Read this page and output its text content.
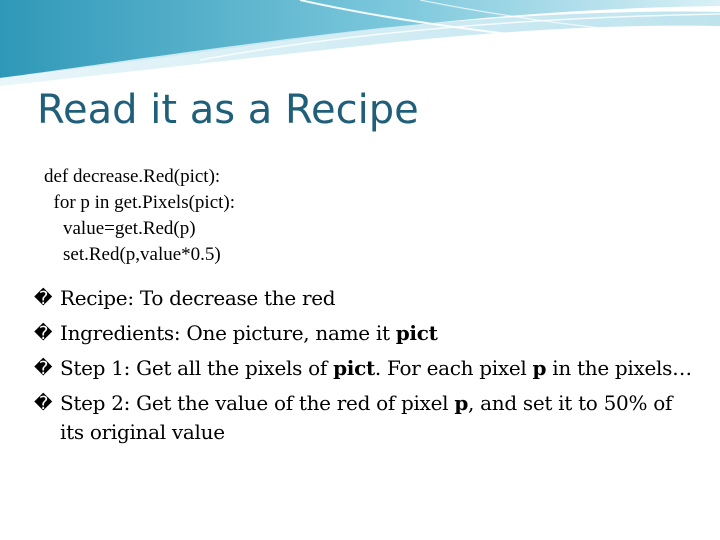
Read it as a Recipe
def decrease.Red(pict):
for p in get.Pixels(pict):
value=get.Red(p)
set.Red(p,value*0.5)
� Recipe: To decrease the red
� Ingredients: One picture, name it pict
� Step 1: Get all the pixels of pict. For each pixel p in the pixels…
� Step 2: Get the value of the red of pixel p, and set it to 50% of its original value
